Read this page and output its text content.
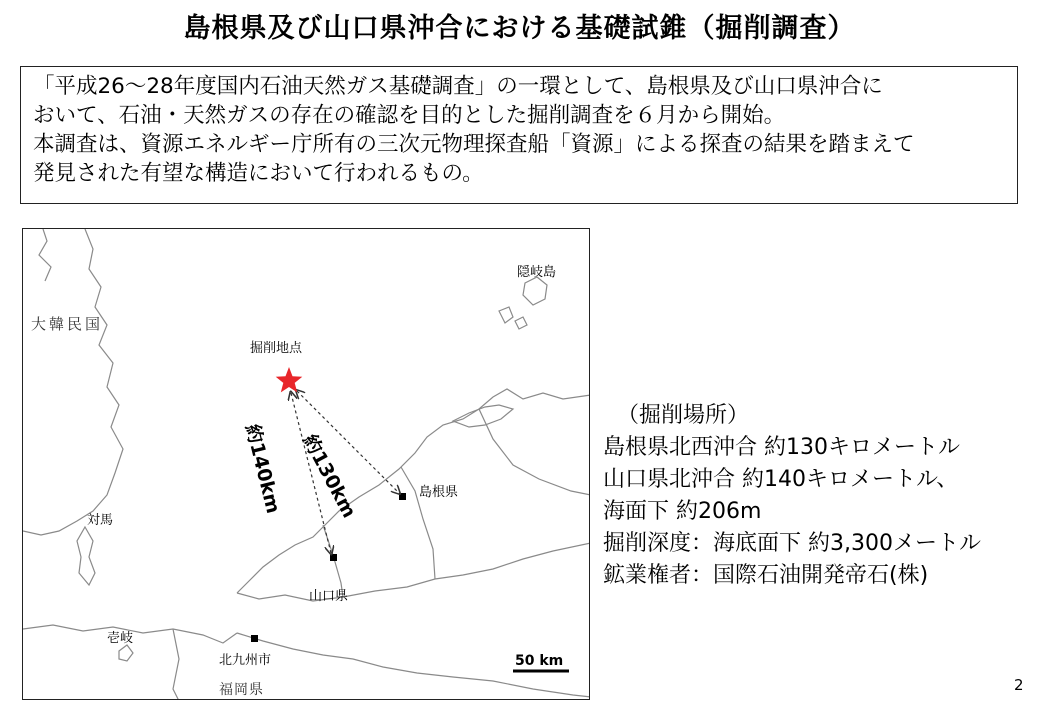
島根県及び山口県沖合における基礎試錐（掘削調査）

「平成26～28年度国内石油天然ガス基礎調査」の一環として、島根県及び山口県沖合に

おいて、石油・天然ガスの存在の確認を目的とした掘削調査を６月から開始。

本調査は、資源エネルギー庁所有の三次元物理探査船「資源」による探査の結果を踏まえて

発見された有望な構造において行われるもの。

隠岐島
大韓民国
掘削地点
約130km
約140km	島根県
対馬
山口県
壱岐
北九州市
福岡県
50 km
（掘削場所）
島根県北西沖合 約130キロメートル
山口県北沖合 約140キロメートル、
海面下 約206m
掘削深度：海底面下 約3,300メートル
鉱業権者：国際石油開発帝石(株)
2
